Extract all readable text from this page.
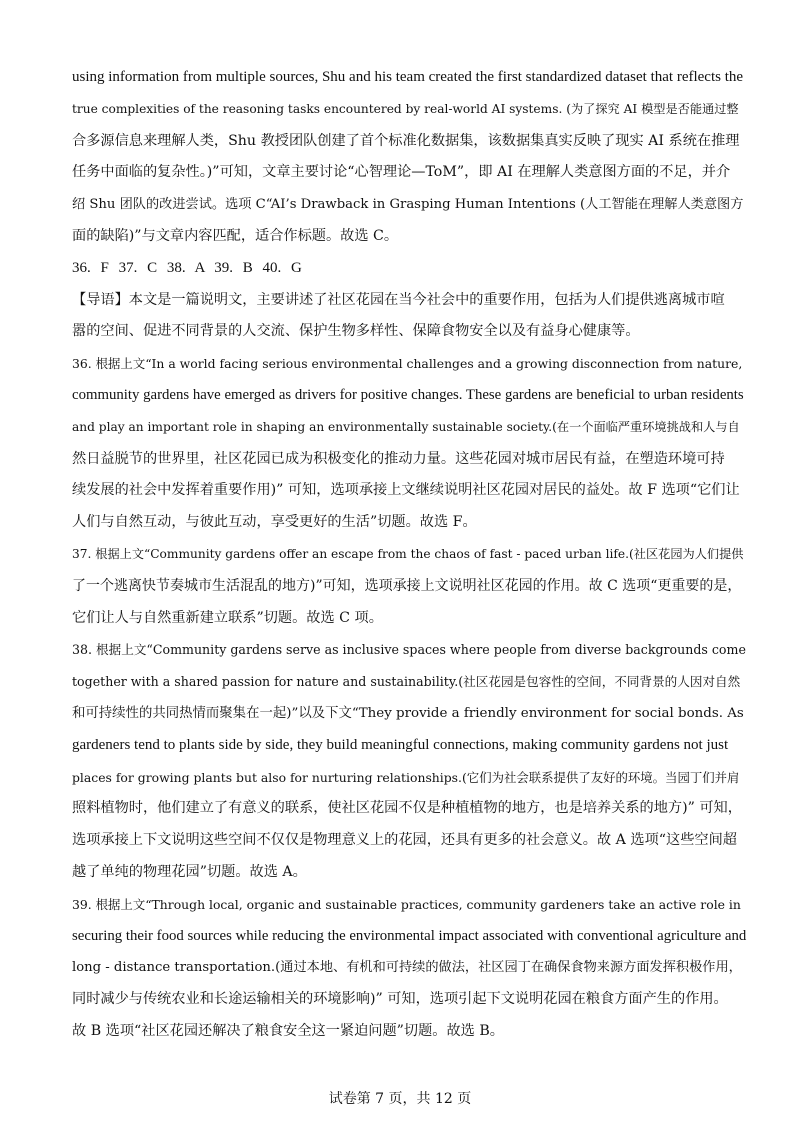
using information from multiple sources, Shu and his team created the first standardized dataset that reflects the
true complexities of the reasoning tasks encountered by real-world AI systems. (为了探究 AI 模型是否能通过整
合多源信息来理解人类，Shu 教授团队创建了首个标准化数据集，该数据集真实反映了现实 AI 系统在推理
任务中面临的复杂性。)”可知，文章主要讨论“心智理论—ToM”，即 AI 在理解人类意图方面的不足，并介
绍 Shu 团队的改进尝试。选项 C“AI’s Drawback in Grasping Human Intentions (人工智能在理解人类意图方
面的缺陷)”与文章内容匹配，适合作标题。故选 C。
36. F 37. C 38. A 39. B 40. G
【导语】本文是一篇说明文，主要讲述了社区花园在当今社会中的重要作用，包括为人们提供逃离城市喧
嚣的空间、促进不同背景的人交流、保护生物多样性、保障食物安全以及有益身心健康等。
36. 根据上文“In a world facing serious environmental challenges and a growing disconnection from nature,
community gardens have emerged as drivers for positive changes. These gardens are beneficial to urban residents
and play an important role in shaping an environmentally sustainable society.(在一个面临严重环境挑战和人与自
然日益脱节的世界里，社区花园已成为积极变化的推动力量。这些花园对城市居民有益，在塑造环境可持
续发展的社会中发挥着重要作用)” 可知，选项承接上文继续说明社区花园对居民的益处。故 F 选项“它们让
人们与自然互动，与彼此互动，享受更好的生活”切题。故选 F。
37. 根据上文“Community gardens offer an escape from the chaos of fast - paced urban life.(社区花园为人们提供
了一个逃离快节奏城市生活混乱的地方)”可知，选项承接上文说明社区花园的作用。故 C 选项“更重要的是，
它们让人与自然重新建立联系”切题。故选 C 项。
38. 根据上文“Community gardens serve as inclusive spaces where people from diverse backgrounds come
together with a shared passion for nature and sustainability.(社区花园是包容性的空间，不同背景的人因对自然
和可持续性的共同热情而聚集在一起)”以及下文“They provide a friendly environment for social bonds. As
gardeners tend to plants side by side, they build meaningful connections, making community gardens not just
places for growing plants but also for nurturing relationships.(它们为社会联系提供了友好的环境。当园丁们并肩
照料植物时，他们建立了有意义的联系，使社区花园不仅是种植植物的地方，也是培养关系的地方)” 可知，
选项承接上下文说明这些空间不仅仅是物理意义上的花园，还具有更多的社会意义。故 A 选项“这些空间超
越了单纯的物理花园”切题。故选 A。
39. 根据上文“Through local, organic and sustainable practices, community gardeners take an active role in
securing their food sources while reducing the environmental impact associated with conventional agriculture and
long - distance transportation.(通过本地、有机和可持续的做法，社区园丁在确保食物来源方面发挥积极作用，
同时减少与传统农业和长途运输相关的环境影响)” 可知，选项引起下文说明花园在粮食方面产生的作用。
故 B 选项“社区花园还解决了粮食安全这一紧迫问题”切题。故选 B。
试卷第 7 页，共 12 页
